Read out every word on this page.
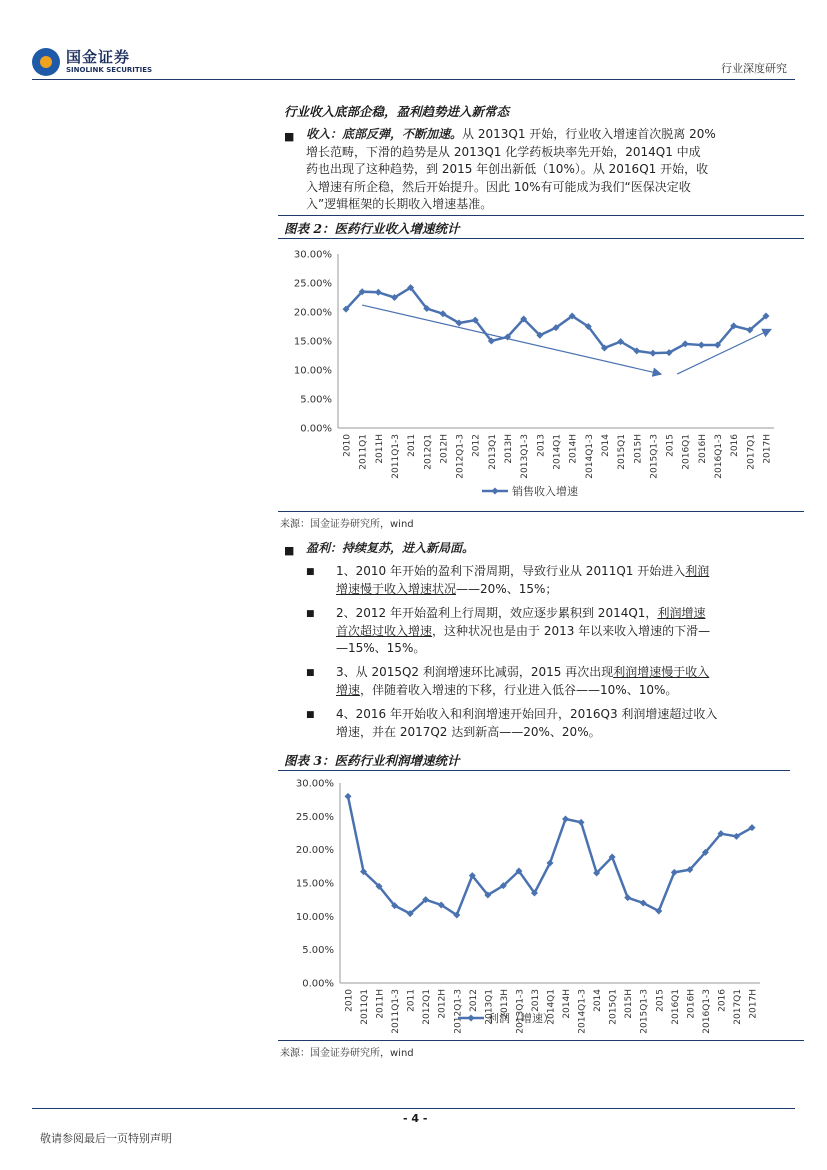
国金证券
SINOLINK SECURITIES	行业深度研究
行业收入底部企稳，盈利趋势进入新常态
■ 收入：底部反弹，不断加速。从 2013Q1 开始，行业收入增速首次脱离 20%
增长范畴，下滑的趋势是从 2013Q1 化学药板块率先开始，2014Q1 中成
药也出现了这种趋势，到 2015 年创出新低（10%）。从 2016Q1 开始，收
入增速有所企稳，然后开始提升。因此 10%有可能成为我们“医保决定收
入”逻辑框架的长期收入增速基准。
图表 2：医药行业收入增速统计
0.00%
5.00%
10.00%
15.00%
20.00%
25.00%
30.00%
2010 2011Q1 2011H 2011Q1-3 2011 2012Q1 2012H 2012Q1-3 2012 2013Q1 2013H 2013Q1-3 2013 2014Q1 2014H 2014Q1-3 2014 2015Q1 2015H 2015Q1-3 2015 2016Q1 2016H 2016Q1-3 2016 2017Q1 2017H
销售收入增速
来源：国金证券研究所，wind
■ 盈利：持续复苏，进入新局面。
■ 1、2010 年开始的盈利下滑周期，导致行业从 2011Q1 开始进入利润
增速慢于收入增速状况——20%、15%；
■ 2、2012 年开始盈利上行周期，效应逐步累积到 2014Q1，利润增速
首次超过收入增速，这种状况也是由于 2013 年以来收入增速的下滑—
—15%、15%。
■ 3、从 2015Q2 利润增速环比减弱，2015 再次出现利润增速慢于收入
增速，伴随着收入增速的下移，行业进入低谷——10%、10%。
■ 4、2016 年开始收入和利润增速开始回升，2016Q3 利润增速超过收入
增速，并在 2017Q2 达到新高——20%、20%。
图表 3：医药行业利润增速统计
0.00%
5.00%
10.00%
15.00%
20.00%
25.00%
30.00%
2010 2011Q1 2011H 2011Q1-3 2011 2012Q1 2012H 2012Q1-3 2012 2013Q1 2013H 2013Q1-3 2013 2014Q1 2014H 2014Q1-3 2014 2015Q1 2015H 2015Q1-3 2015 2016Q1 2016H 2016Q1-3 2016 2017Q1 2017H
利润（增速）
来源：国金证券研究所，wind
- 4 -
敬请参阅最后一页特别声明
